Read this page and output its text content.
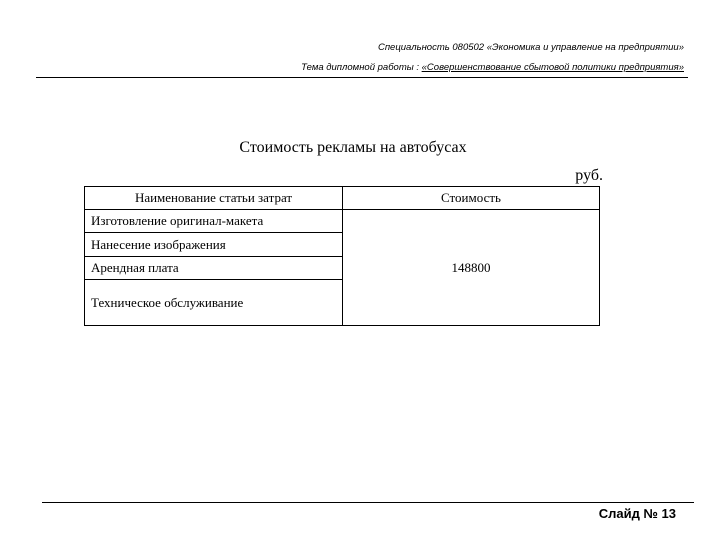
Специальность 080502 «Экономика и управление на предприятии»
Тема дипломной работы : «Совершенствование сбытовой политики предприятия»
Стоимость рекламы на автобусах
руб.
Наименование статьи затрат	Стоимость
Изготовление оригинал-макета	148800
Нанесение изображения	
Арендная плата	
Техническое обслуживание	
Слайд № 13
